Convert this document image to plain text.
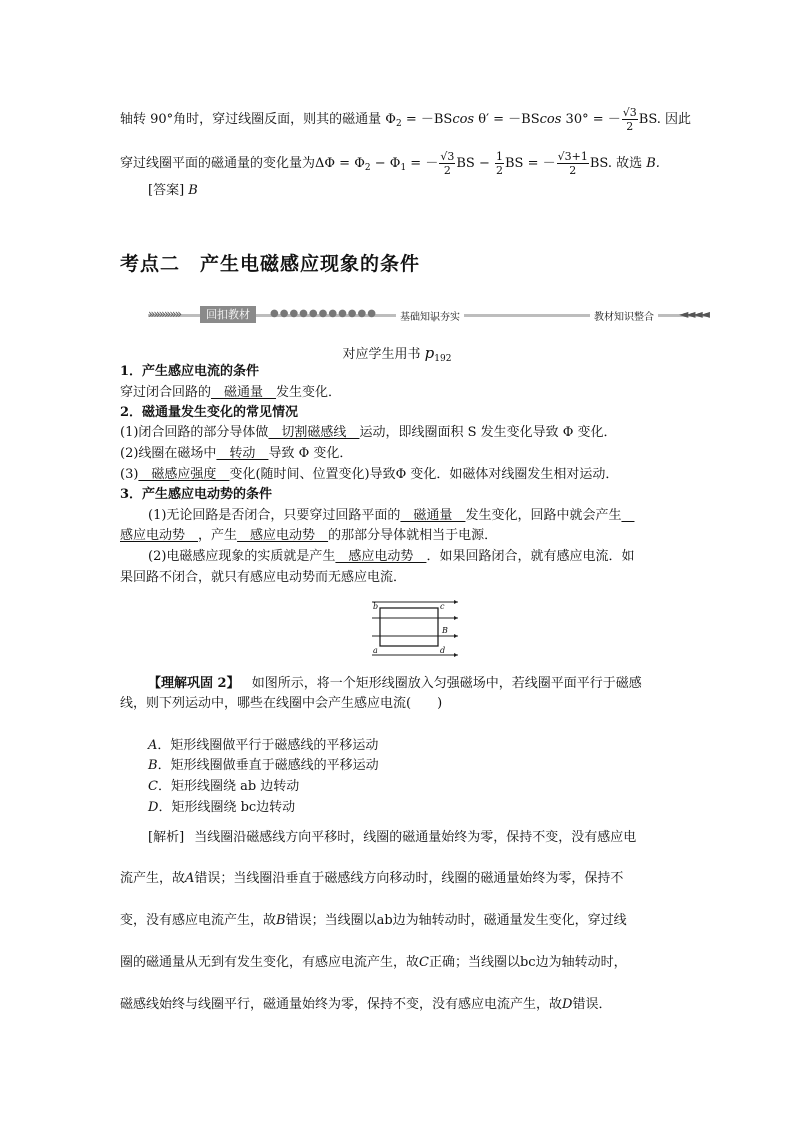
轴转 90°角时，穿过线圈反面，则其的磁通量 $\Phi_2 = -BScos$ θ′ = －BScos 30° = － $\frac{√3}{2}$ BS. 因此
穿过线圈平面的磁通量的变化量为$\Delta\Phi = \Phi_2 - \Phi_1$ = － $\frac{√3}{2}$ BS − $\frac{1}{2}$ BS = － $\frac{√3+1}{2}$ BS. 故选 B.
[答案] B
考点二　产生电磁感应现象的条件
»»»»»»	回扣教材	●●●●●●●●●●●	基础知识夯实	教材知识整合	◄◄◄◄
对应学生用书 $p_{192}$
1．产生感应电流的条件
穿过闭合回路的　磁通量　发生变化．
2．磁通量发生变化的常见情况
(1)闭合回路的部分导体做　切割磁感线　运动，即线圈面积 S 发生变化导致 Φ 变化．
(2)线圈在磁场中　转动　导致 Φ 变化．
(3)　磁感应强度　变化(随时间、位置变化)导致Φ 变化．如磁体对线圈发生相对运动．
3．产生感应电动势的条件
(1)无论回路是否闭合，只要穿过回路平面的　磁通量　发生变化，回路中就会产生　
感应电动势　 ，产生　感应电动势　的那部分导体就相当于电源．
(2)电磁感应现象的实质就是产生　感应电动势　．如果回路闭合，就有感应电流．如
果回路不闭合，就只有感应电动势而无感应电流．
b	c
a	d
B
【理解巩固 2】 如图所示，将一个矩形线圈放入匀强磁场中，若线圈平面平行于磁感
线，则下列运动中，哪些在线圈中会产生感应电流(　　)
A．矩形线圈做平行于磁感线的平移运动
B．矩形线圈做垂直于磁感线的平移运动
C．矩形线圈绕 ab 边转动
D．矩形线圈绕 bc边转动
[解析] 当线圈沿磁感线方向平移时，线圈的磁通量始终为零，保持不变，没有感应电
流产生，故A错误；当线圈沿垂直于磁感线方向移动时，线圈的磁通量始终为零，保持不
变，没有感应电流产生，故B错误；当线圈以ab边为轴转动时，磁通量发生变化，穿过线
圈的磁通量从无到有发生变化，有感应电流产生，故C正确；当线圈以bc边为轴转动时，
磁感线始终与线圈平行，磁通量始终为零，保持不变，没有感应电流产生，故D错误．
